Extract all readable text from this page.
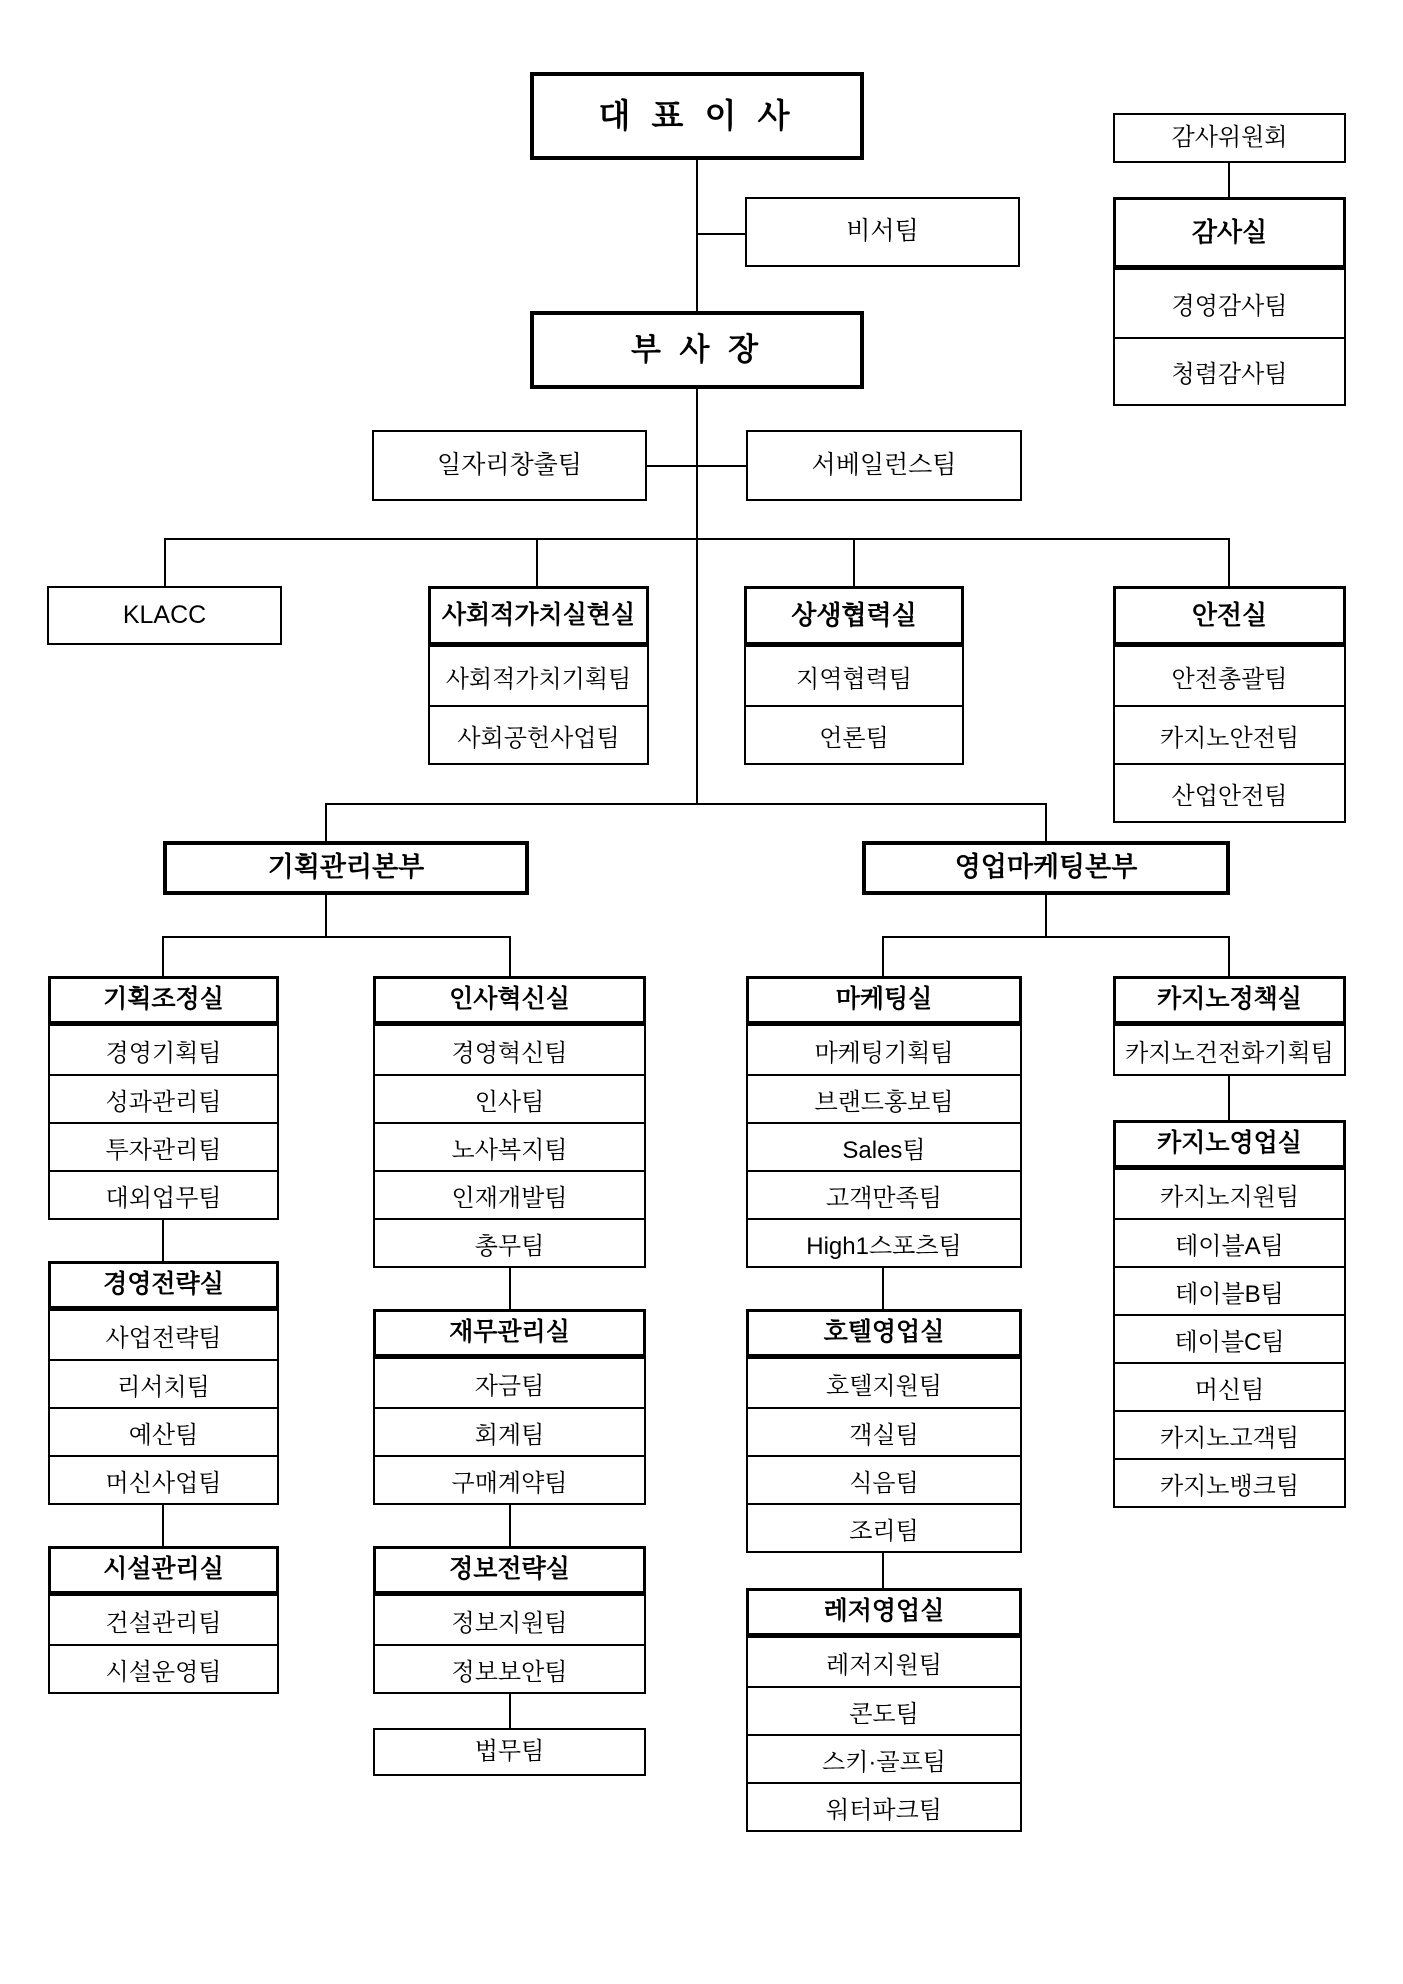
대 표 이 사
비서팀
감사위원회
감사실
부 사 장
일자리창출팀	서베일런스팀
KLACC
기획관리본부	영업마케팅본부
법무팀
경영감사팀
청렴감사팀
사회적가치실현실
사회적가치기획팀
사회공헌사업팀
상생협력실
지역협력팀
언론팀
안전실
안전총괄팀
카지노안전팀
산업안전팀
기획조정실
경영기획팀
성과관리팀
투자관리팀
대외업무팀
경영전략실
사업전략팀
리서치팀
예산팀
머신사업팀
시설관리실
건설관리팀
시설운영팀
인사혁신실
경영혁신팀
인사팀
노사복지팀
인재개발팀
총무팀
재무관리실
자금팀
회계팀
구매계약팀
정보전략실
정보지원팀
정보보안팀
마케팅실
마케팅기획팀
브랜드홍보팀
Sales팀
고객만족팀
High1스포츠팀
호텔영업실
호텔지원팀
객실팀
식음팀
조리팀
레저영업실
레저지원팀
콘도팀
스키·골프팀
워터파크팀
카지노정책실
카지노건전화기획팀
카지노영업실
카지노지원팀
테이블A팀
테이블B팀
테이블C팀
머신팀
카지노고객팀
카지노뱅크팀
